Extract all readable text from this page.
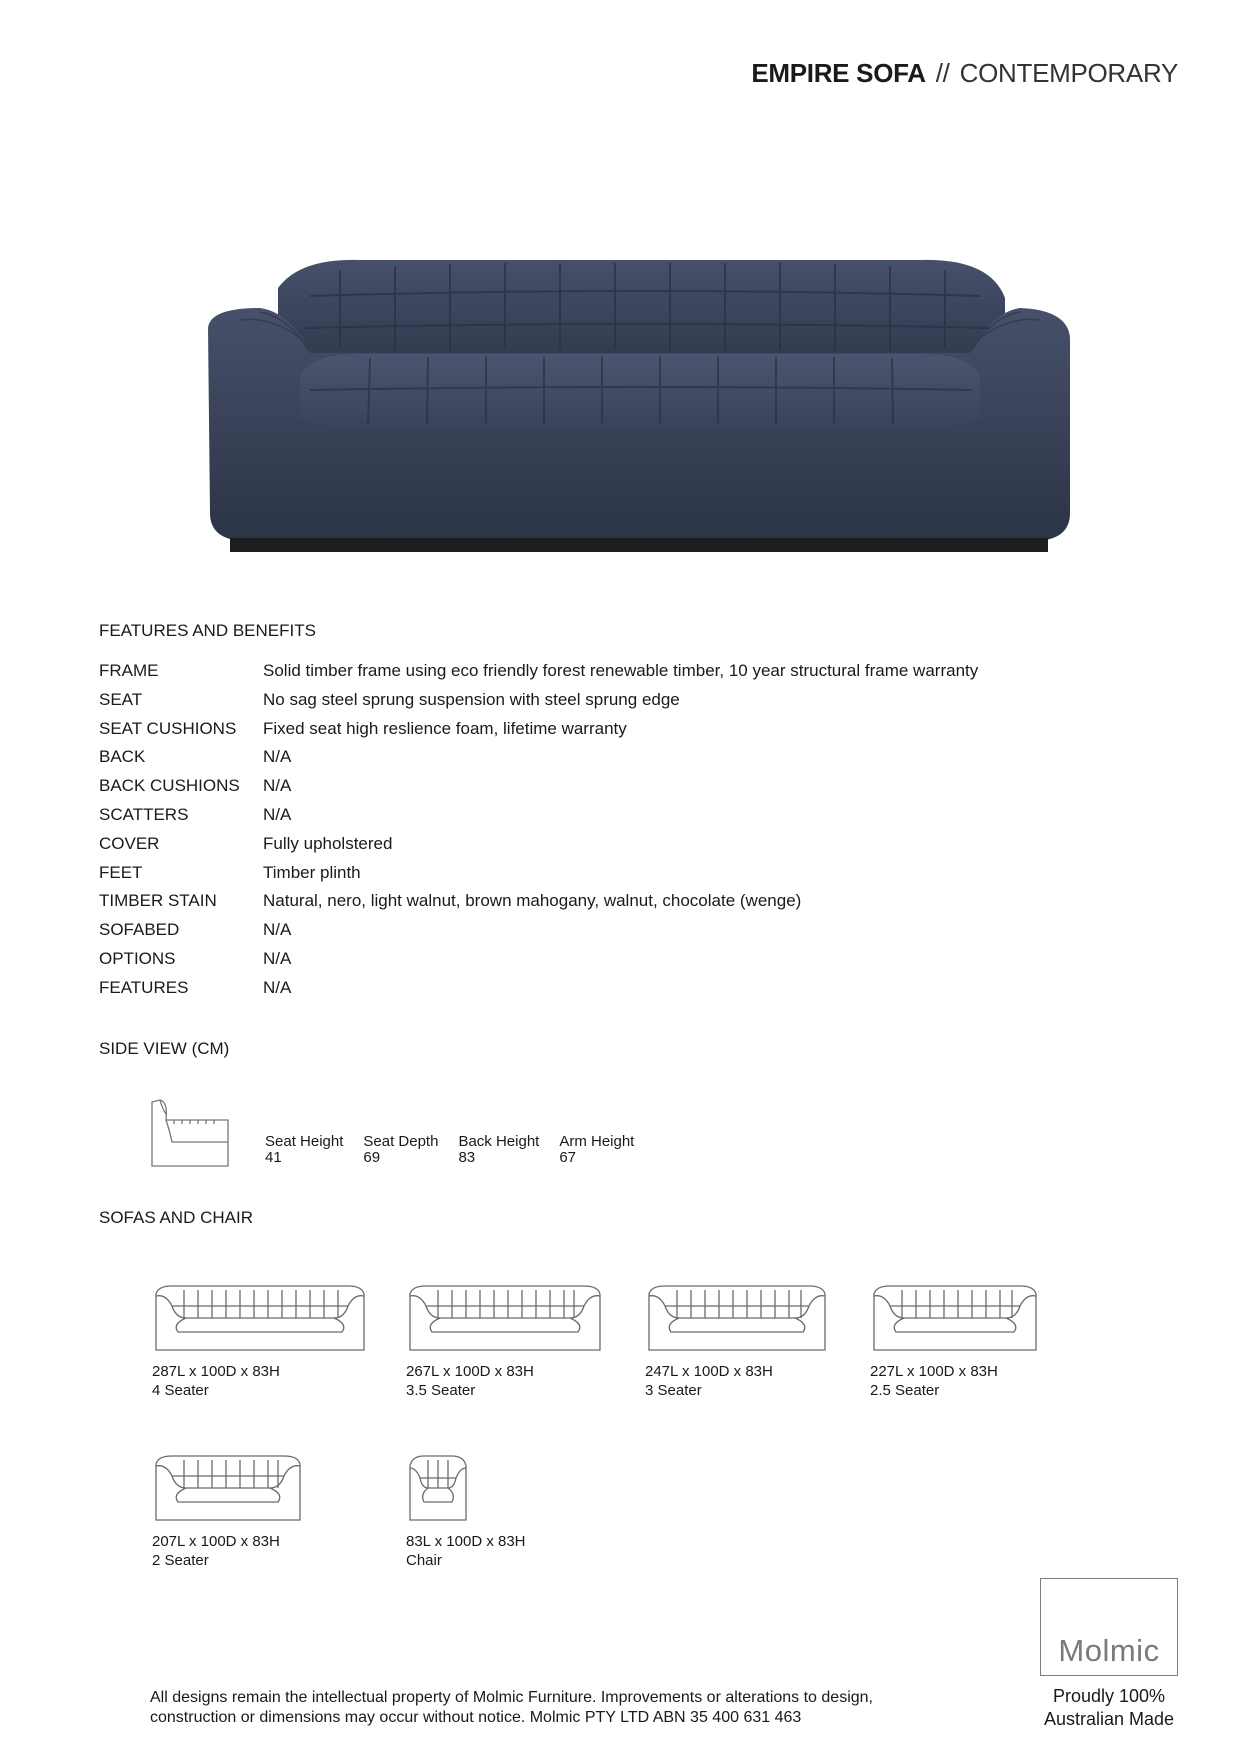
EMPIRE SOFA // CONTEMPORARY
FEATURES AND BENEFITS
FRAME	Solid timber frame using eco friendly forest renewable timber, 10 year structural frame warranty
SEAT	No sag steel sprung suspension with steel sprung edge
SEAT CUSHIONS	Fixed seat high reslience foam, lifetime warranty
BACK	N/A
BACK CUSHIONS	N/A
SCATTERS	N/A
COVER	Fully upholstered
FEET	Timber plinth
TIMBER STAIN	Natural, nero, light walnut, brown mahogany, walnut, chocolate (wenge)
SOFABED	N/A
OPTIONS	N/A
FEATURES	N/A
SIDE VIEW (CM)
Seat Height
41
Seat Depth
69
Back Height
83
Arm Height
67
SOFAS AND CHAIR
287L x 100D x 83H
4 Seater
267L x 100D x 83H
3.5 Seater
247L x 100D x 83H
3 Seater
227L x 100D x 83H
2.5 Seater
207L x 100D x 83H
2 Seater
83L x 100D x 83H
Chair
Molmic
Proudly 100%
Australian Made
All designs remain the intellectual property of Molmic Furniture. Improvements or alterations to design,
construction or dimensions may occur without notice. Molmic PTY LTD ABN 35 400 631 463
